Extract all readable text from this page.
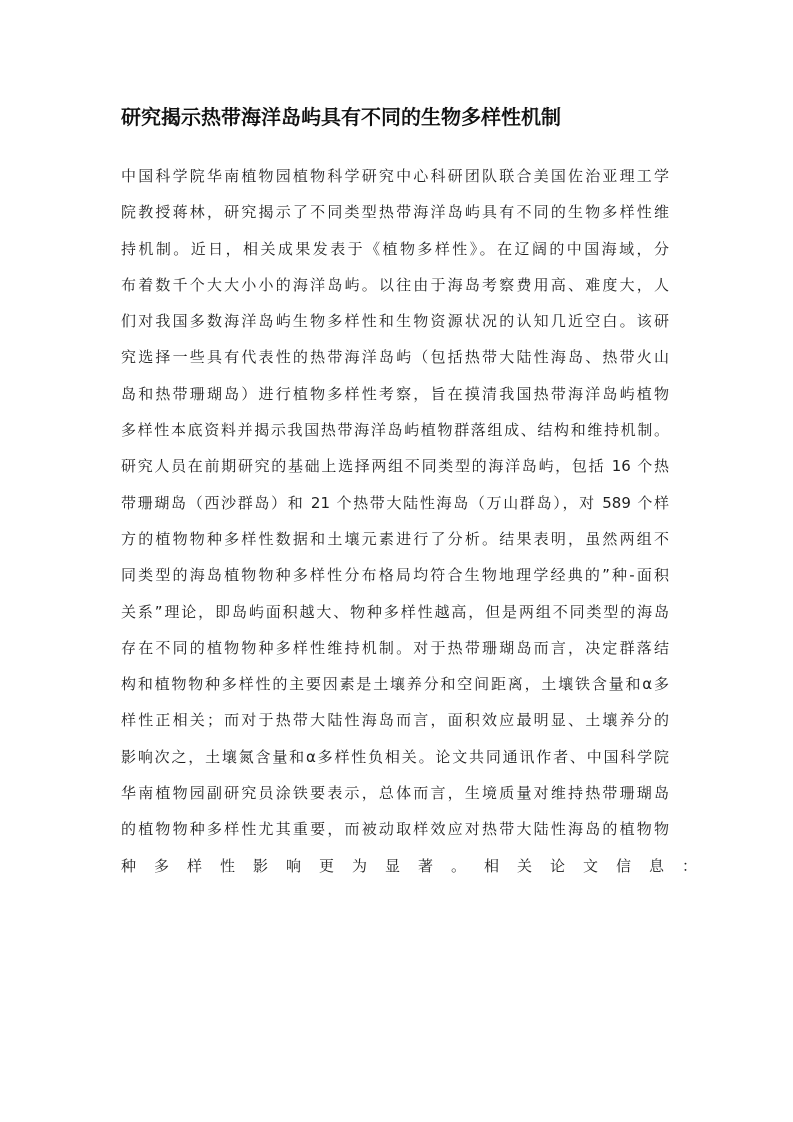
研究揭示热带海洋岛屿具有不同的生物多样性机制
中国科学院华南植物园植物科学研究中心科研团队联合美国佐治亚理工学
院教授蒋林，研究揭示了不同类型热带海洋岛屿具有不同的生物多样性维
持机制。近日，相关成果发表于《植物多样性》。在辽阔的中国海域，分
布着数千个大大小小的海洋岛屿。以往由于海岛考察费用高、难度大，人
们对我国多数海洋岛屿生物多样性和生物资源状况的认知几近空白。该研
究选择一些具有代表性的热带海洋岛屿（包括热带大陆性海岛、热带火山
岛和热带珊瑚岛）进行植物多样性考察，旨在摸清我国热带海洋岛屿植物
多样性本底资料并揭示我国热带海洋岛屿植物群落组成、结构和维持机制。
研究人员在前期研究的基础上选择两组不同类型的海洋岛屿，包括 16 个热
带珊瑚岛（西沙群岛）和 21 个热带大陆性海岛（万山群岛），对 589 个样
方的植物物种多样性数据和土壤元素进行了分析。结果表明，虽然两组不
同类型的海岛植物物种多样性分布格局均符合生物地理学经典的”种-面积
关系”理论，即岛屿面积越大、物种多样性越高，但是两组不同类型的海岛
存在不同的植物物种多样性维持机制。对于热带珊瑚岛而言，决定群落结
构和植物物种多样性的主要因素是土壤养分和空间距离，土壤铁含量和α多
样性正相关；而对于热带大陆性海岛而言，面积效应最明显、土壤养分的
影响次之，土壤氮含量和α多样性负相关。论文共同通讯作者、中国科学院
华南植物园副研究员涂铁要表示，总体而言，生境质量对维持热带珊瑚岛
的植物物种多样性尤其重要，而被动取样效应对热带大陆性海岛的植物物
种多样性影响更为显著。相关论文信息：
